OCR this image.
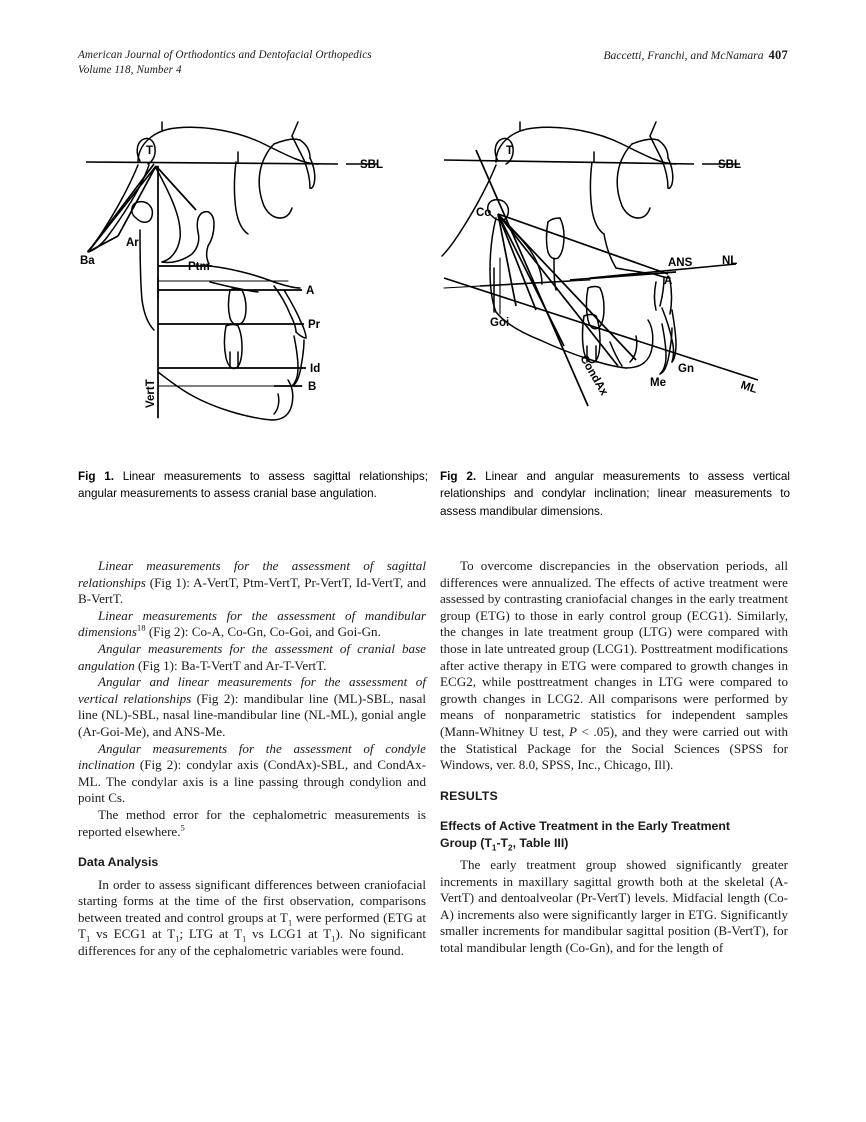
American Journal of Orthodontics and Dentofacial Orthopedics
Volume 118, Number 4
Baccetti, Franchi, and McNamara 407
A
Pr
Id
B
T
Ba
Ar
Ptm
SBL
VertT
T
Co
ANS	NL
SBL
A
Goi
CondAx	Me
Gn
ML
Fig 1. Linear measurements to assess sagittal relationships; angular measurements to assess cranial base angulation.
Fig 2. Linear and angular measurements to assess vertical relationships and condylar inclination; linear measurements to assess mandibular dimensions.

Linear measurements for the assessment of sagittal relationships (Fig 1): A-VertT, Ptm-VertT, Pr-VertT, Id-VertT, and B-VertT.

Linear measurements for the assessment of mandibular dimensions$^{18}$ (Fig 2): Co-A, Co-Gn, Co-Goi, and Goi-Gn.

Angular measurements for the assessment of cranial base angulation (Fig 1): Ba-T-VertT and Ar-T-VertT.

Angular and linear measurements for the assessment of vertical relationships (Fig 2): mandibular line (ML)-SBL, nasal line (NL)-SBL, nasal line-mandibular line (NL-ML), gonial angle (Ar-Goi-Me), and ANS-Me.

Angular measurements for the assessment of condyle inclination (Fig 2): condylar axis (CondAx)-SBL, and CondAx-ML. The condylar axis is a line passing through condylion and point Cs.

The method error for the cephalometric measurements is reported elsewhere.$^5$

Data Analysis

In order to assess significant differences between craniofacial starting forms at the time of the first observation, comparisons between treated and control groups at $T_1$ were performed (ETG at $T_1$ vs ECG1 at $T_1$; LTG at $T_1$ vs LCG1 at $T_1$). No significant differences for any of the cephalometric variables were found.

To overcome discrepancies in the observation periods, all differences were annualized. The effects of active treatment were assessed by contrasting craniofacial changes in the early treatment group (ETG) to those in early control group (ECG1). Similarly, the changes in late treatment group (LTG) were compared with those in late untreated group (LCG1). Posttreatment modifications after active therapy in ETG were compared to growth changes in ECG2, while posttreatment changes in LTG were compared to growth changes in LCG2. All comparisons were performed by means of nonparametric statistics for independent samples (Mann-Whitney U test, P < .05), and they were carried out with the Statistical Package for the Social Sciences (SPSS for Windows, ver. 8.0, SPSS, Inc., Chicago, Ill).

RESULTS
Effects of Active Treatment in the Early Treatment
Group ($T_1-T_2$, Table III)

The early treatment group showed significantly greater increments in maxillary sagittal growth both at the skeletal (A-VertT) and dentoalveolar (Pr-VertT) levels. Midfacial length (Co-A) increments also were significantly larger in ETG. Significantly smaller increments for mandibular sagittal position (B-VertT), for total mandibular length (Co-Gn), and for the length of
